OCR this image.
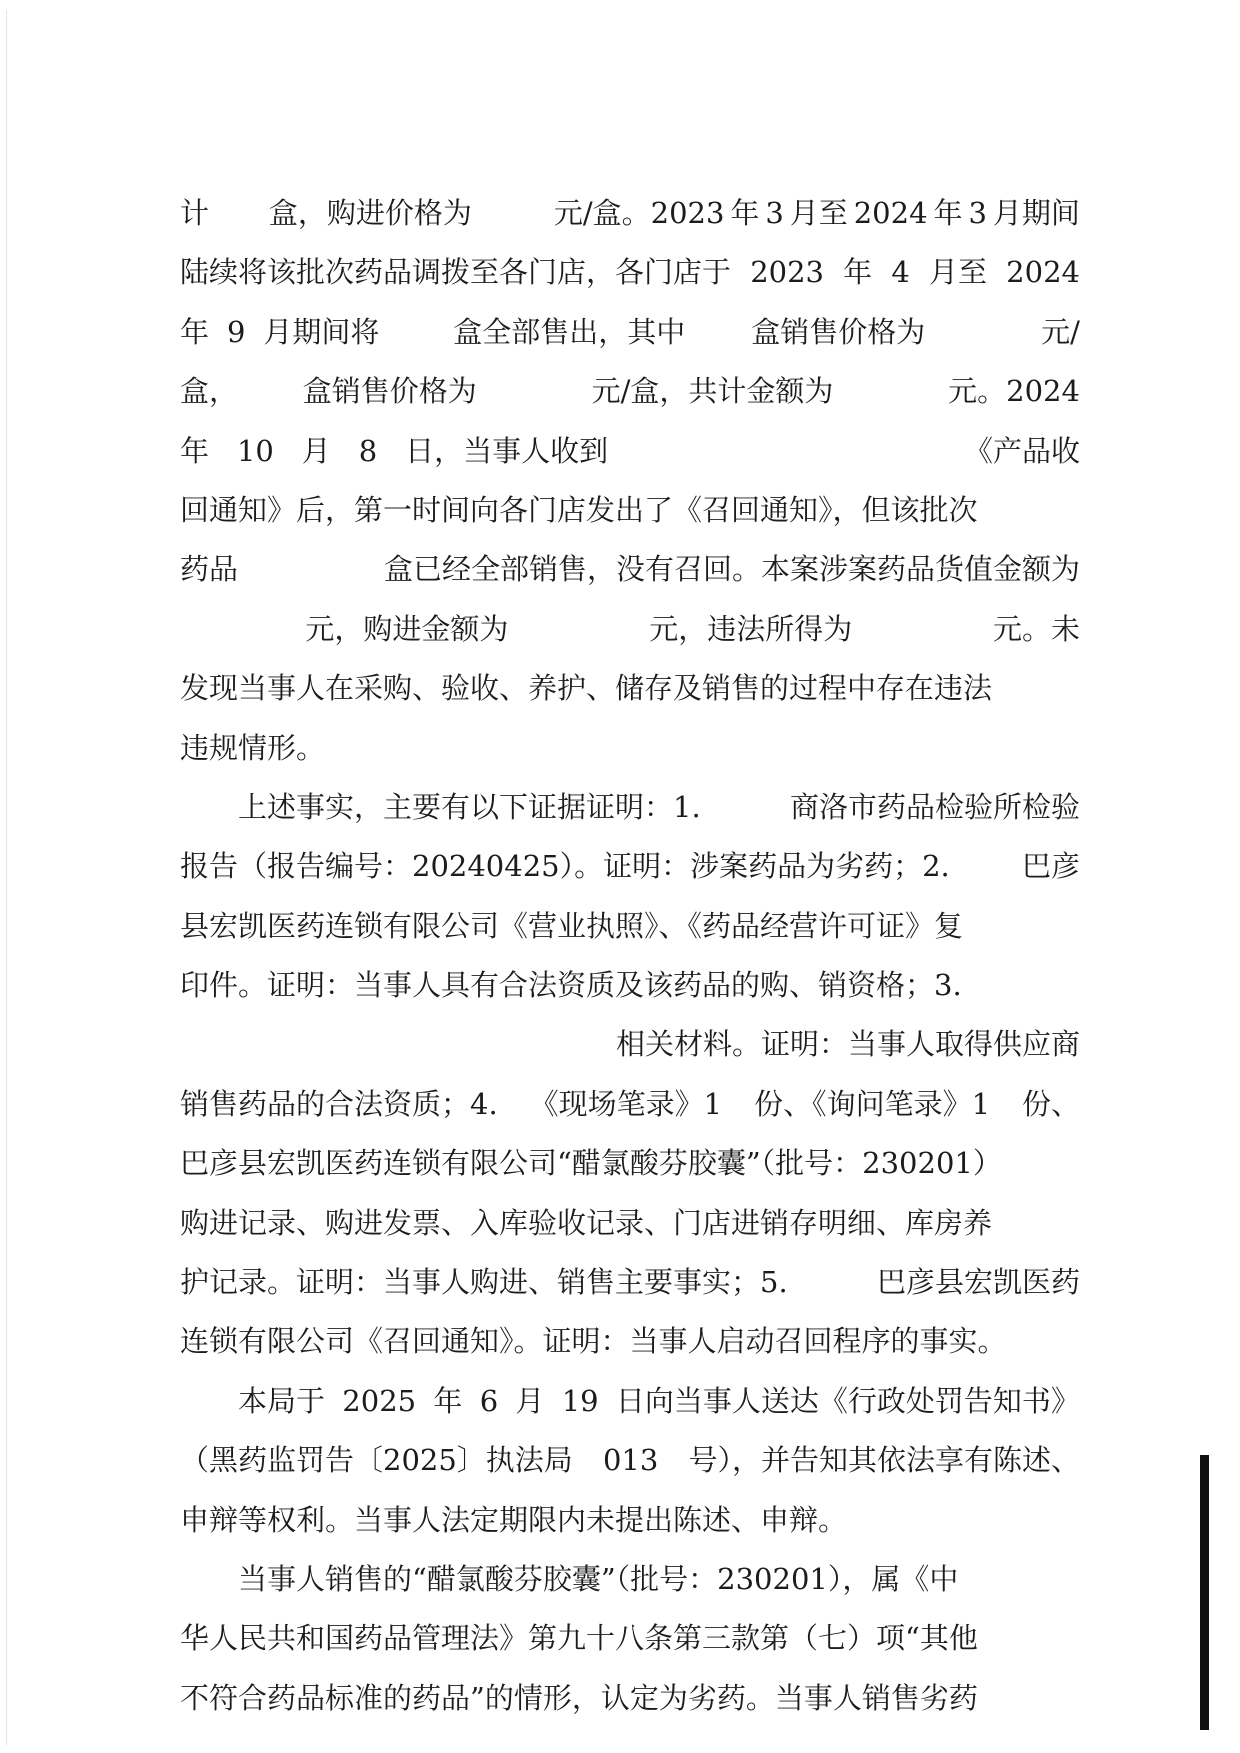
计 盒，购进价格为	元/盒。2023 年 3 月至 2024 年 3 月期间
陆续将该批次药品调拨至各门店，各门店于 2023 年 4 月至 2024
年 9 月期间将	盒全部售出，其中 盒销售价格为	元/
盒， 盒销售价格为	元/盒，共计金额为	元。2024
年 10 月 8 日，当事人收到	《产品收
回通知》后，第一时间向各门店发出了《召回通知》，但该批次
药品	盒已经全部销售，没有召回。本案涉案药品货值金额为
元，购进金额为	元，违法所得为	元。未
发现当事人在采购、验收、养护、储存及销售的过程中存在违法
违规情形。
上述事实，主要有以下证据证明：1.	商洛市药品检验所检验
报告（报告编号：20240425）。证明：涉案药品为劣药；2. 巴彦
县宏凯医药连锁有限公司《营业执照》、《药品经营许可证》复
印件。证明：当事人具有合法资质及该药品的购、销资格；3.
相关材料。证明：当事人取得供应商
销售药品的合法资质；4. 《现场笔录》1 份、《询问笔录》1 份、
巴彦县宏凯医药连锁有限公司“醋氯酸芬胶囊”（批号：230201）
购进记录、购进发票、入库验收记录、门店进销存明细、库房养
护记录。证明：当事人购进、销售主要事实；5.	巴彦县宏凯医药
连锁有限公司《召回通知》。证明：当事人启动召回程序的事实。
本局于 2025 年 6 月 19 日向当事人送达《行政处罚告知书》
（黑药监罚告〔2025〕执法局 013 号），并告知其依法享有陈述、
申辩等权利。当事人法定期限内未提出陈述、申辩。
当事人销售的“醋氯酸芬胶囊”（批号：230201），属《中
华人民共和国药品管理法》第九十八条第三款第（七）项“其他
不符合药品标准的药品”的情形，认定为劣药。当事人销售劣药
